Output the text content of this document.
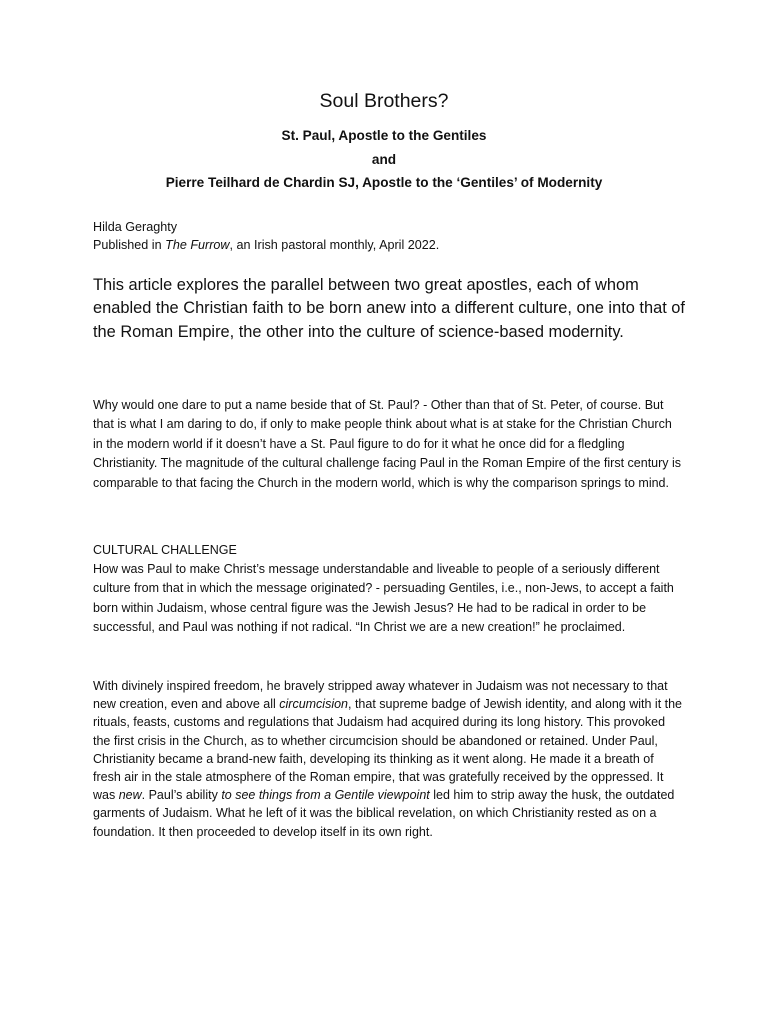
Soul Brothers?

St. Paul, Apostle to the Gentiles

and

Pierre Teilhard de Chardin SJ, Apostle to the ‘Gentiles’ of Modernity

Hilda Geraghty

Published in The Furrow, an Irish pastoral monthly, April 2022.

This article explores the parallel between two great apostles, each of whom enabled the Christian faith to be born anew into a different culture, one into that of the Roman Empire, the other into the culture of science-based modernity.

Why would one dare to put a name beside that of St. Paul? - Other than that of St. Peter, of course. But that is what I am daring to do, if only to make people think about what is at stake for the Christian Church in the modern world if it doesn’t have a St. Paul figure to do for it what he once did for a fledgling Christianity. The magnitude of the cultural challenge facing Paul in the Roman Empire of the first century is comparable to that facing the Church in the modern world, which is why the comparison springs to mind.

CULTURAL CHALLENGE

How was Paul to make Christ’s message understandable and liveable to people of a seriously different culture from that in which the message originated? - persuading Gentiles, i.e., non-Jews, to accept a faith born within Judaism, whose central figure was the Jewish Jesus? He had to be radical in order to be successful, and Paul was nothing if not radical. “In Christ we are a new creation!” he proclaimed.

With divinely inspired freedom, he bravely stripped away whatever in Judaism was not necessary to that new creation, even and above all circumcision, that supreme badge of Jewish identity, and along with it the rituals, feasts, customs and regulations that Judaism had acquired during its long history. This provoked the first crisis in the Church, as to whether circumcision should be abandoned or retained. Under Paul, Christianity became a brand-new faith, developing its thinking as it went along. He made it a breath of fresh air in the stale atmosphere of the Roman empire, that was gratefully received by the oppressed. It was new. Paul’s ability to see things from a Gentile viewpoint led him to strip away the husk, the outdated garments of Judaism. What he left of it was the biblical revelation, on which Christianity rested as on a foundation. It then proceeded to develop itself in its own right.
